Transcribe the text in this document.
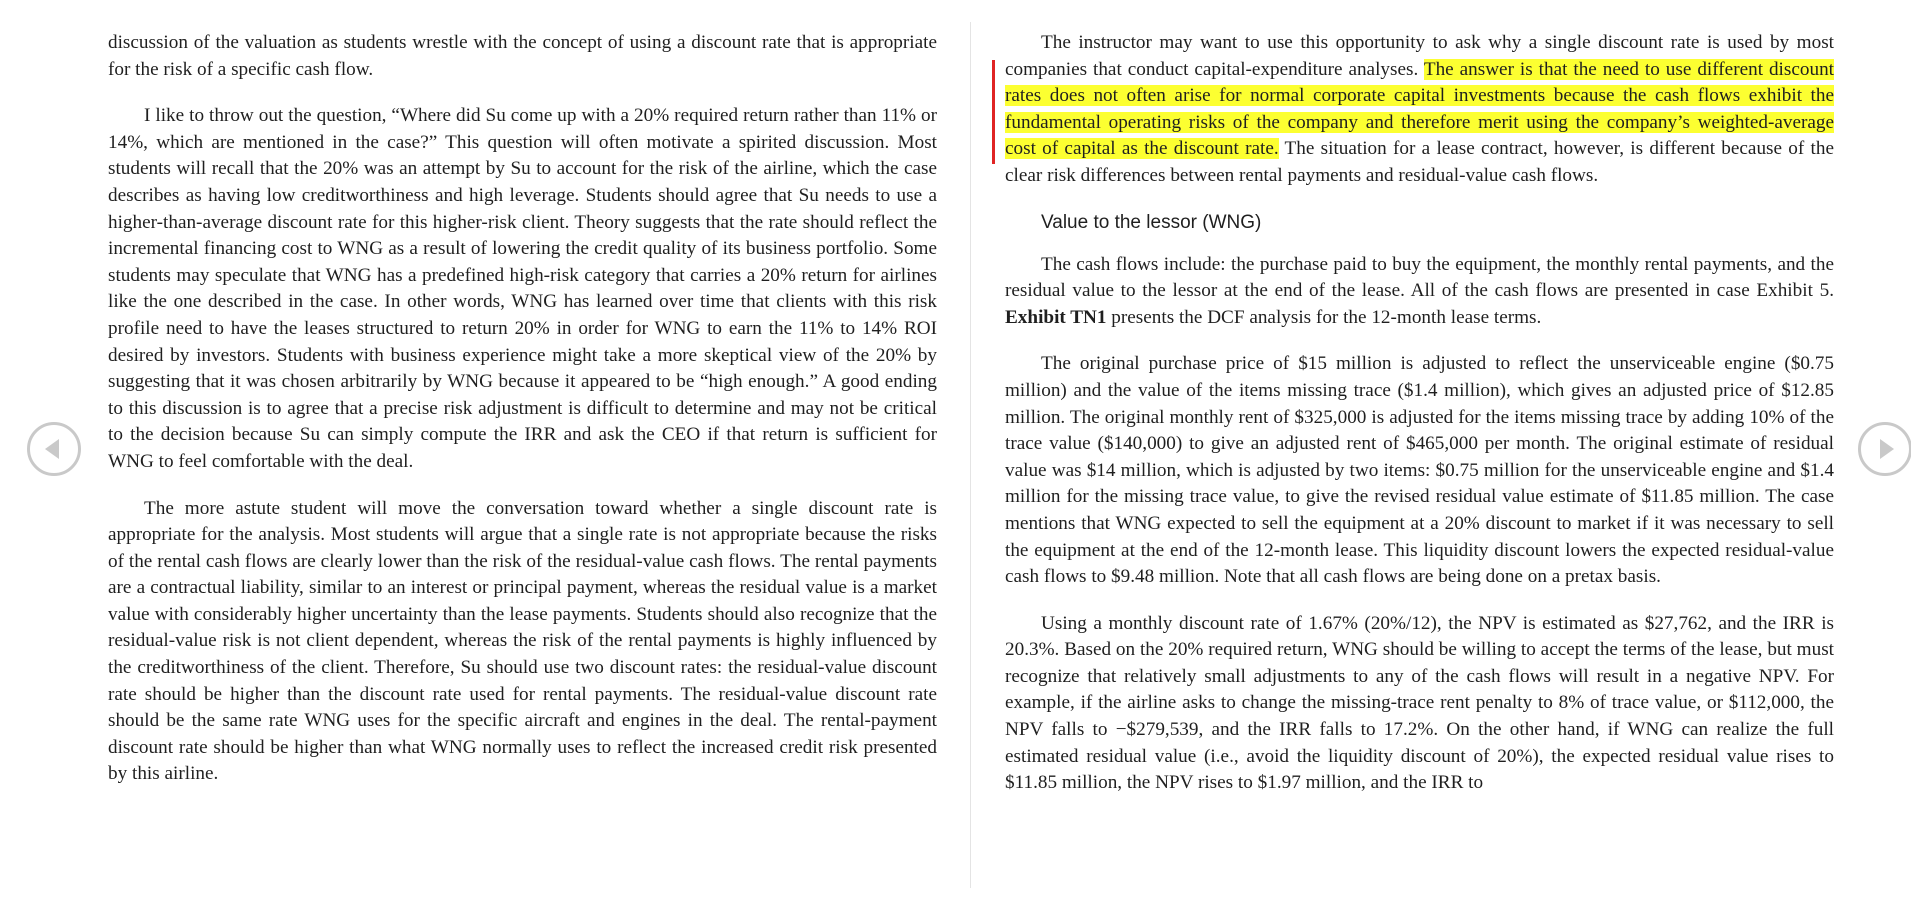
discussion of the valuation as students wrestle with the concept of using a discount rate that is appropriate for the risk of a specific cash flow.

I like to throw out the question, “Where did Su come up with a 20% required return rather than 11% or 14%, which are mentioned in the case?” This question will often motivate a spirited discussion. Most students will recall that the 20% was an attempt by Su to account for the risk of the airline, which the case describes as having low creditworthiness and high leverage. Students should agree that Su needs to use a higher-than-average discount rate for this higher-risk client. Theory suggests that the rate should reflect the incremental financing cost to WNG as a result of lowering the credit quality of its business portfolio. Some students may speculate that WNG has a predefined high-risk category that carries a 20% return for airlines like the one described in the case. In other words, WNG has learned over time that clients with this risk profile need to have the leases structured to return 20% in order for WNG to earn the 11% to 14% ROI desired by investors. Students with business experience might take a more skeptical view of the 20% by suggesting that it was chosen arbitrarily by WNG because it appeared to be “high enough.” A good ending to this discussion is to agree that a precise risk adjustment is difficult to determine and may not be critical to the decision because Su can simply compute the IRR and ask the CEO if that return is sufficient for WNG to feel comfortable with the deal.

The more astute student will move the conversation toward whether a single discount rate is appropriate for the analysis. Most students will argue that a single rate is not appropriate because the risks of the rental cash flows are clearly lower than the risk of the residual-value cash flows. The rental payments are a contractual liability, similar to an interest or principal payment, whereas the residual value is a market value with considerably higher uncertainty than the lease payments. Students should also recognize that the residual-value risk is not client dependent, whereas the risk of the rental payments is highly influenced by the creditworthiness of the client. Therefore, Su should use two discount rates: the residual-value discount rate should be higher than the discount rate used for rental payments. The residual-value discount rate should be the same rate WNG uses for the specific aircraft and engines in the deal. The rental-payment discount rate should be higher than what WNG normally uses to reflect the increased credit risk presented by this airline.

The instructor may want to use this opportunity to ask why a single discount rate is used by most companies that conduct capital-expenditure analyses. The answer is that the need to use different discount rates does not often arise for normal corporate capital investments because the cash flows exhibit the fundamental operating risks of the company and therefore merit using the company’s weighted-average cost of capital as the discount rate. The situation for a lease contract, however, is different because of the clear risk differences between rental payments and residual-value cash flows.

Value to the lessor (WNG)

The cash flows include: the purchase paid to buy the equipment, the monthly rental payments, and the residual value to the lessor at the end of the lease. All of the cash flows are presented in case Exhibit 5. Exhibit TN1 presents the DCF analysis for the 12-month lease terms.

The original purchase price of $15 million is adjusted to reflect the unserviceable engine ($0.75 million) and the value of the items missing trace ($1.4 million), which gives an adjusted price of $12.85 million. The original monthly rent of $325,000 is adjusted for the items missing trace by adding 10% of the trace value ($140,000) to give an adjusted rent of $465,000 per month. The original estimate of residual value was $14 million, which is adjusted by two items: $0.75 million for the unserviceable engine and $1.4 million for the missing trace value, to give the revised residual value estimate of $11.85 million. The case mentions that WNG expected to sell the equipment at a 20% discount to market if it was necessary to sell the equipment at the end of the 12-month lease. This liquidity discount lowers the expected residual-value cash flows to $9.48 million. Note that all cash flows are being done on a pretax basis.

Using a monthly discount rate of 1.67% (20%/12), the NPV is estimated as $27,762, and the IRR is 20.3%. Based on the 20% required return, WNG should be willing to accept the terms of the lease, but must recognize that relatively small adjustments to any of the cash flows will result in a negative NPV. For example, if the airline asks to change the missing-trace rent penalty to 8% of trace value, or $112,000, the NPV falls to −$279,539, and the IRR falls to 17.2%. On the other hand, if WNG can realize the full estimated residual value (i.e., avoid the liquidity discount of 20%), the expected residual value rises to $11.85 million, the NPV rises to $1.97 million, and the IRR to
